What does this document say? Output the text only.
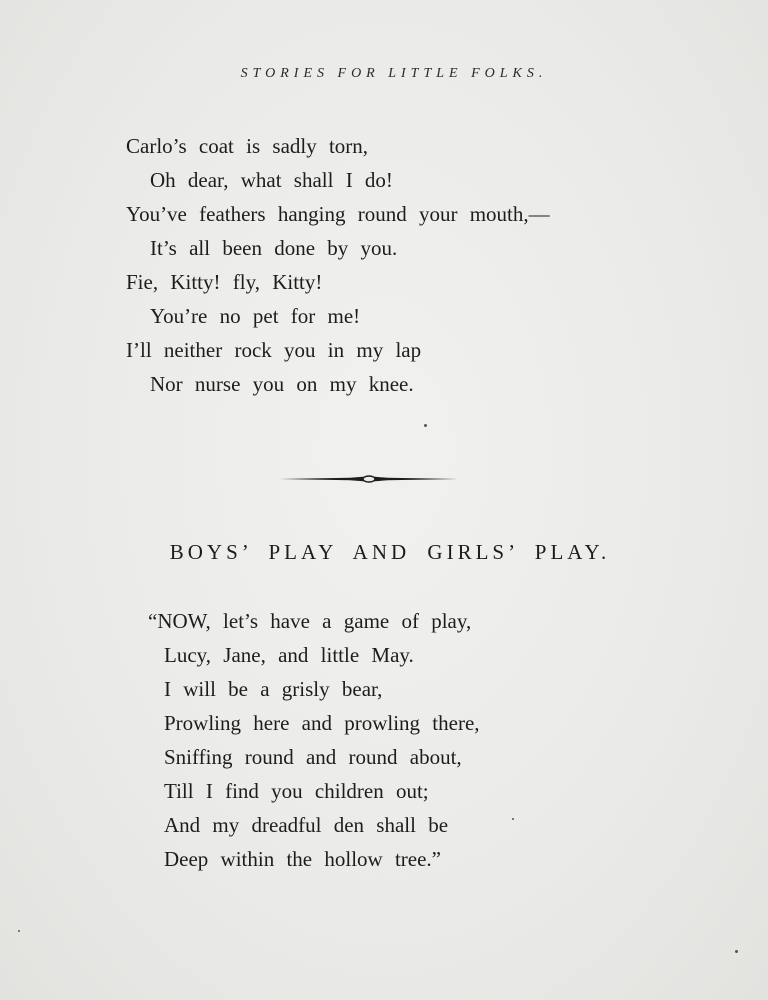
STORIES FOR LITTLE FOLKS.
Carlo’s coat is sadly torn,
Oh dear, what shall I do!
You’ve feathers hanging round your mouth,—
It’s all been done by you.
Fie, Kitty! fly, Kitty!
You’re no pet for me!
I’ll neither rock you in my lap
Nor nurse you on my knee.
BOYS’ PLAY AND GIRLS’ PLAY.
“NOW, let’s have a game of play,
Lucy, Jane, and little May.
I will be a grisly bear,
Prowling here and prowling there,
Sniffing round and round about,
Till I find you children out;
And my dreadful den shall be
Deep within the hollow tree.”
